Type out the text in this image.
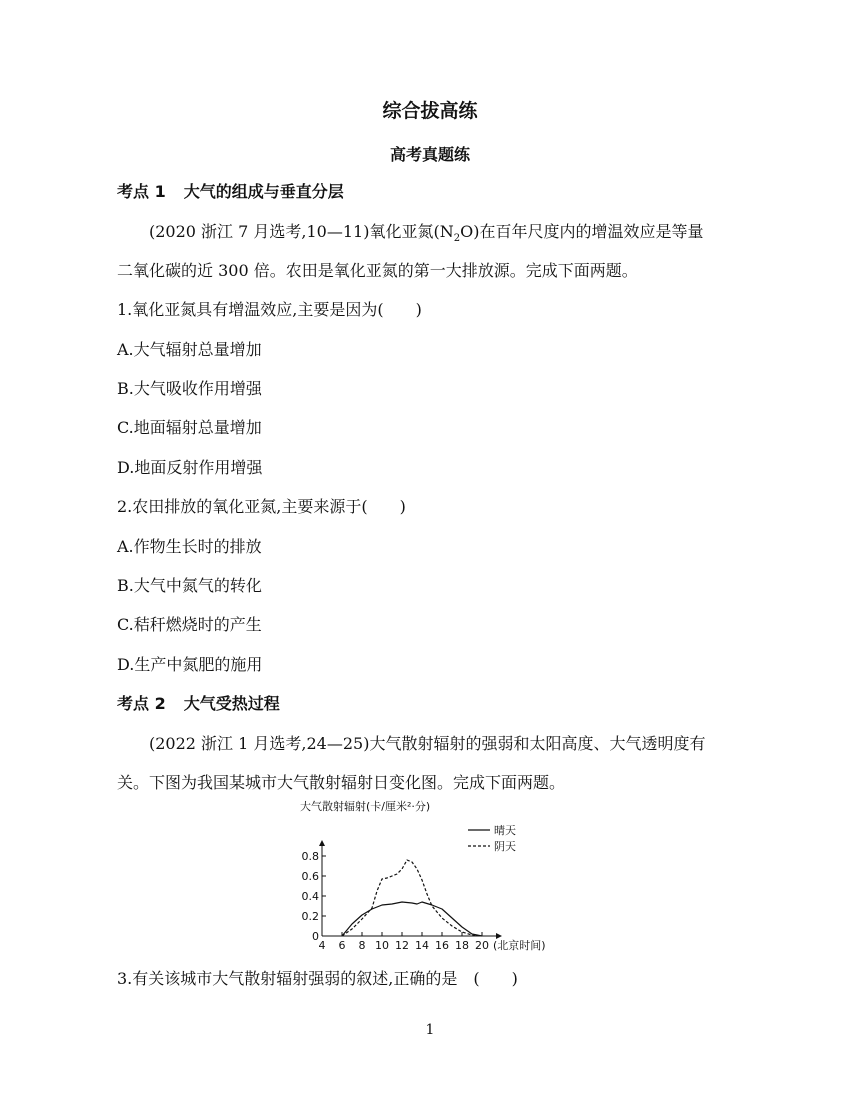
综合拔高练
高考真题练
考点 1 大气的组成与垂直分层
(2020 浙江 7 月选考,10—11)氧化亚氮$(N_2O)$在百年尺度内的增温效应是等量
二氧化碳的近 300 倍。农田是氧化亚氮的第一大排放源。完成下面两题。
1.氧化亚氮具有增温效应,主要是因为(　　)
A.大气辐射总量增加
B.大气吸收作用增强
C.地面辐射总量增加
D.地面反射作用增强
2.农田排放的氧化亚氮,主要来源于(　　)
A.作物生长时的排放
B.大气中氮气的转化
C.秸秆燃烧时的产生
D.生产中氮肥的施用
考点 2 大气受热过程
(2022 浙江 1 月选考,24—25)大气散射辐射的强弱和太阳高度、大气透明度有
关。下图为我国某城市大气散射辐射日变化图。完成下面两题。
大气散射辐射(卡/厘米²·分)
0
0.2
0.4
0.6
0.8
4 6 8 10 12 14 16 18 20 (北京时间)
晴天
阴天
3.有关该城市大气散射辐射强弱的叙述,正确的是　(　　)
1
